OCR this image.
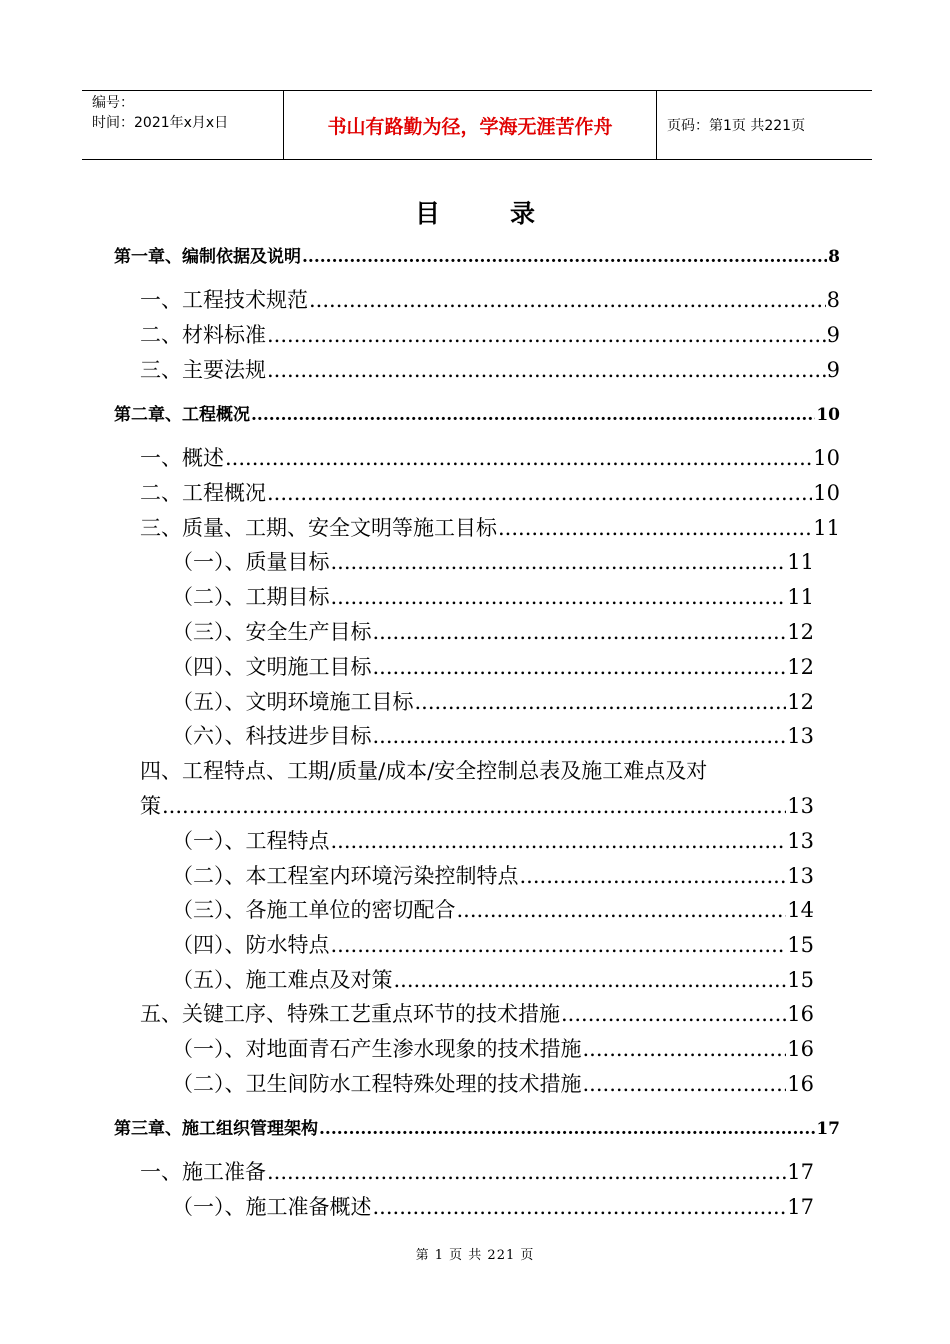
编号：
时间：2021年x月x日	书山有路勤为径，学海无涯苦作舟	页码：第1页 共221页
目录
第一章、编制依据及说明 .....	8
一、工程技术规范 .....	8
二、材料标准 .....	9
三、主要法规 .....	9
第二章、工程概况 .....	10
一、概述 .....	10
二、工程概况 .....	10
三、质量、工期、安全文明等施工目标 .....	11
（一）、质量目标 .....	11
（二）、工期目标 .....	11
（三）、安全生产目标 .....	12
（四）、文明施工目标 .....	12
（五）、文明环境施工目标 .....	12
（六）、科技进步目标 .....	13
四、工程特点、工期/质量/成本/安全控制总表及施工难点及对
策 .....	13
（一）、工程特点 .....	13
（二）、本工程室内环境污染控制特点 .....	13
（三）、各施工单位的密切配合 .....	14
（四）、防水特点 .....	15
（五）、施工难点及对策 .....	15
五、关键工序、特殊工艺重点环节的技术措施 .....	16
（一）、对地面青石产生渗水现象的技术措施 .....	16
（二）、卫生间防水工程特殊处理的技术措施 .....	16
第三章、施工组织管理架构 .....	17
一、施工准备 .....	17
（一）、施工准备概述 .....	17
第 1 页 共 221 页
